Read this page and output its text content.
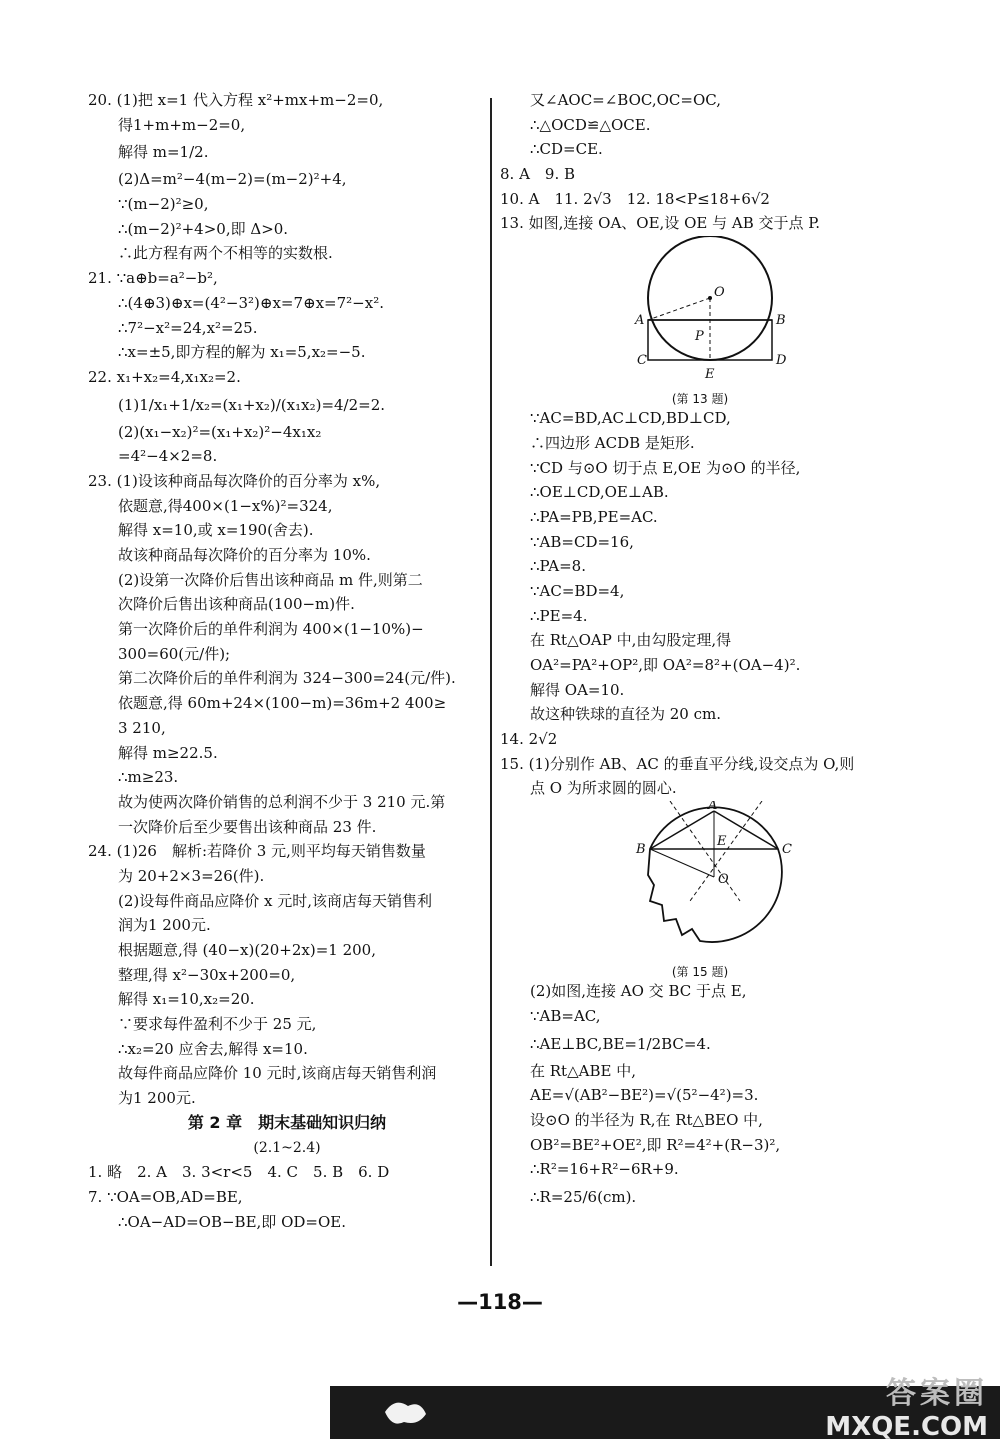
20. (1)把 x=1 代入方程 x²+mx+m−2=0,
得1+m+m−2=0,
解得 m=1/2.
(2)Δ=m²−4(m−2)=(m−2)²+4,
∵(m−2)²≥0,
∴(m−2)²+4>0,即 Δ>0.
∴此方程有两个不相等的实数根.
21. ∵a⊕b=a²−b²,
∴(4⊕3)⊕x=(4²−3²)⊕x=7⊕x=7²−x².
∴7²−x²=24,x²=25.
∴x=±5,即方程的解为 x₁=5,x₂=−5.
22. x₁+x₂=4,x₁x₂=2.
(1)1/x₁+1/x₂=(x₁+x₂)/(x₁x₂)=4/2=2.
(2)(x₁−x₂)²=(x₁+x₂)²−4x₁x₂
=4²−4×2=8.
23. (1)设该种商品每次降价的百分率为 x%,
依题意,得400×(1−x%)²=324,
解得 x=10,或 x=190(舍去).
故该种商品每次降价的百分率为 10%.
(2)设第一次降价后售出该种商品 m 件,则第二
次降价后售出该种商品(100−m)件.
第一次降价后的单件利润为 400×(1−10%)−
300=60(元/件);
第二次降价后的单件利润为 324−300=24(元/件).
依题意,得 60m+24×(100−m)=36m+2 400≥
3 210,
解得 m≥22.5.
∴m≥23.
故为使两次降价销售的总利润不少于 3 210 元.第
一次降价后至少要售出该种商品 23 件.
24. (1)26　解析:若降价 3 元,则平均每天销售数量
为 20+2×3=26(件).
(2)设每件商品应降价 x 元时,该商店每天销售利
润为1 200元.
根据题意,得 (40−x)(20+2x)=1 200,
整理,得 x²−30x+200=0,
解得 x₁=10,x₂=20.
∵要求每件盈利不少于 25 元,
∴x₂=20 应舍去,解得 x=10.
故每件商品应降价 10 元时,该商店每天销售利润
为1 200元.
第 2 章　期末基础知识归纳
(2.1~2.4)
1. 略　2. A　3. 3<r<5　4. C　5. B　6. D
7. ∵OA=OB,AD=BE,
∴OA−AD=OB−BE,即 OD=OE.
又∠AOC=∠BOC,OC=OC,
∴△OCD≌△OCE.
∴CD=CE.
8. A　9. B
10. A　11. 2√3　12. 18<P≤18+6√2
13. 如图,连接 OA、OE,设 OE 与 AB 交于点 P.
O
A	B
P
C	D
E
(第 13 题)
∵AC=BD,AC⊥CD,BD⊥CD,
∴四边形 ACDB 是矩形.
∵CD 与⊙O 切于点 E,OE 为⊙O 的半径,
∴OE⊥CD,OE⊥AB.
∴PA=PB,PE=AC.
∵AB=CD=16,
∴PA=8.
∵AC=BD=4,
∴PE=4.
在 Rt△OAP 中,由勾股定理,得
OA²=PA²+OP²,即 OA²=8²+(OA−4)².
解得 OA=10.
故这种铁球的直径为 20 cm.
14. 2√2
15. (1)分别作 AB、AC 的垂直平分线,设交点为 O,则
点 O 为所求圆的圆心.
A
B	C
E
O
(第 15 题)
(2)如图,连接 AO 交 BC 于点 E,
∵AB=AC,
∴AE⊥BC,BE=1/2BC=4.
在 Rt△ABE 中,
AE=√(AB²−BE²)=√(5²−4²)=3.
设⊙O 的半径为 R,在 Rt△BEO 中,
OB²=BE²+OE²,即 R²=4²+(R−3)²,
∴R²=16+R²−6R+9.
∴R=25/6(cm).
—118—
答案圈
MXQE.COM
